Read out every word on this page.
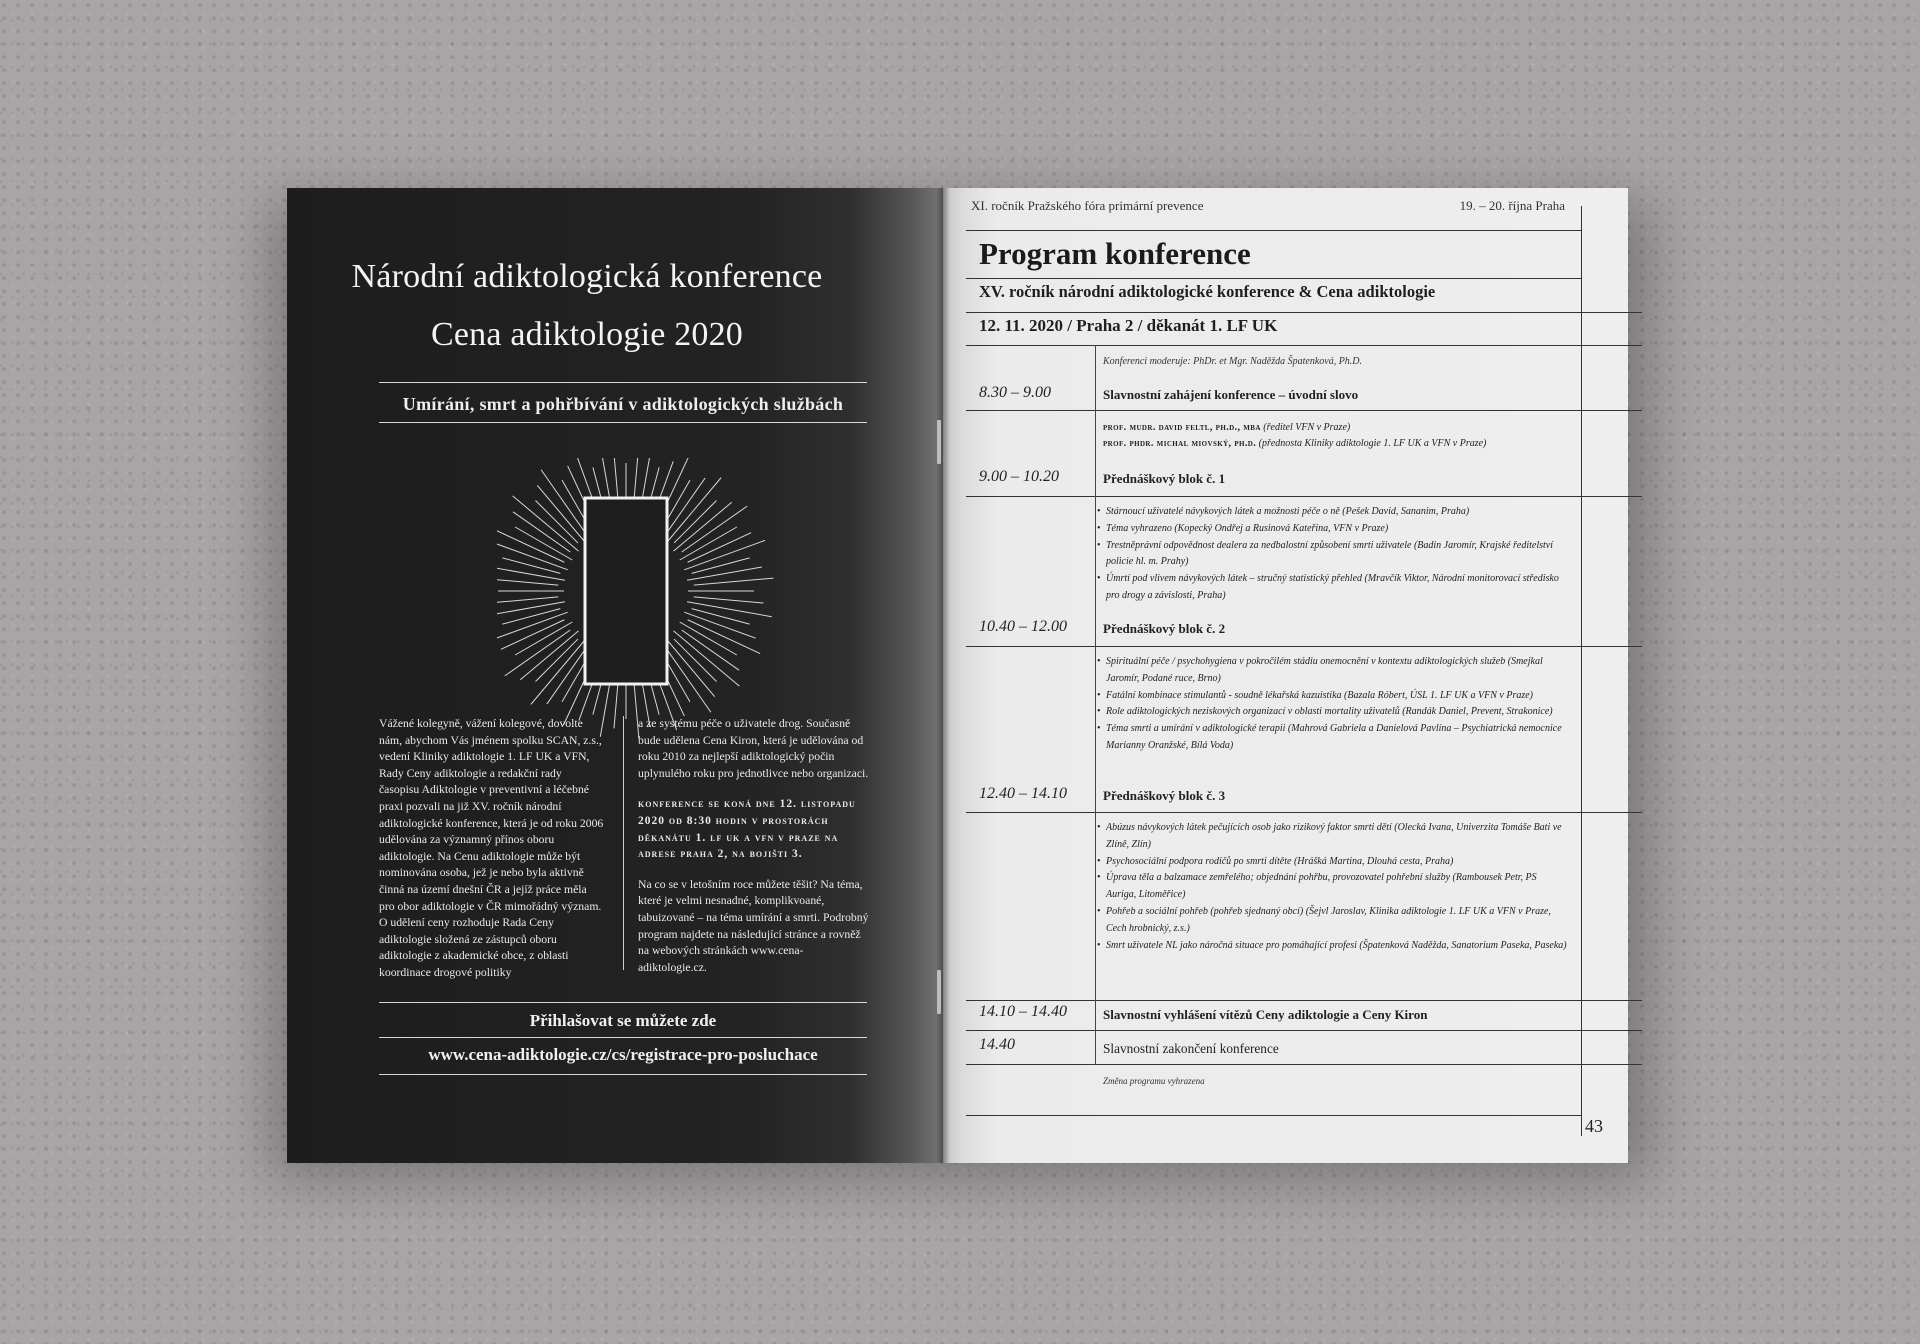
Národní adiktologická konference
Cena adiktologie 2020
Umírání, smrt a pohřbívání v adiktologických službách

Vážené kolegyně, vážení kolegové, dovolte nám, abychom Vás jménem spolku SCAN, z.s., vedení Kliniky adiktologie 1. LF UK a VFN, Rady Ceny adiktologie a redakční rady časopisu Adiktologie v preventivní a léčebné praxi pozvali na již XV. ročník národní adiktologické konference, která je od roku 2006 udělována za významný přínos oboru adiktologie. Na Cenu adiktologie může být nominována osoba, jež je nebo byla aktivně činná na území dnešní ČR a jejíž práce měla pro obor adiktologie v ČR mimořádný význam. O udělení ceny rozhoduje Rada Ceny adiktologie složená ze zástupců oboru adiktologie z akademické obce, z oblasti koordinace drogové politiky

a ze systému péče o uživatele drog. Současně bude udělena Cena Kiron, která je udělována od roku 2010 za nejlepší adiktologický počin uplynulého roku pro jednotlivce nebo organizaci.

konference se koná dne 12. listopadu 2020 od 8:30 hodin v prostorách děkanátu 1. lf uk a vfn v praze na adrese praha 2, na bojišti 3.

Na co se v letošním roce můžete těšit? Na téma, které je velmi nesnadné, komplikvoané, tabuizované – na téma umírání a smrti. Podrobný program najdete na následující stránce a rovněž na webových stránkách www.cena-adiktologie.cz.

Přihlašovat se můžete zde
www.cena-adiktologie.cz/cs/registrace-pro-posluchace
XI. ročník Pražského fóra primární prevence	19. – 20. října Praha
Program konference
XV. ročník národní adiktologické konference & Cena adiktologie
12. 11. 2020 / Praha 2 / děkanát 1. LF UK
Konferenci moderuje: PhDr. et Mgr. Naděžda Špatenková, Ph.D.
8.30 – 9.00	Slavnostní zahájení konference – úvodní slovo
prof. mudr. david feltl, ph.d., mba (ředitel VFN v Praze)
prof. phdr. michal miovský, ph.d. (přednosta Kliniky adiktologie 1. LF UK a VFN v Praze)
9.00 – 10.20	Přednáškový blok č. 1
• Stárnoucí uživatelé návykových látek a možnosti péče o ně (Pešek David, Sananim, Praha)
• Téma vyhrazeno (Kopecký Ondřej a Rusinová Kateřina, VFN v Praze)
• Trestněprávní odpovědnost dealera za nedbalostní způsobení smrti uživatele (Badin Jaromír, Krajské ředitelství policie hl. m. Prahy)
• Úmrtí pod vlivem návykových látek – stručný statistický přehled (Mravčík Viktor, Národní monitorovací středisko pro drogy a závislosti, Praha)
10.40 – 12.00	Přednáškový blok č. 2
• Spirituální péče / psychohygiena v pokročilém stádiu onemocnění v kontextu adiktologických služeb (Smejkal Jaromír, Podané ruce, Brno)
• Fatální kombinace stimulantů - soudně lékařská kazuistika (Bazala Róbert, ÚSL 1. LF UK a VFN v Praze)
• Role adiktologických neziskových organizací v oblasti mortality uživatelů (Randák Daniel, Prevent, Strakonice)
• Téma smrti a umírání v adiktologické terapii (Mahrová Gabriela a Danielová Pavlína – Psychiatrická nemocnice Marianny Oranžské, Bílá Voda)
12.40 – 14.10	Přednáškový blok č. 3
• Abúzus návykových látek pečujících osob jako rizikový faktor smrti dětí (Olecká Ivana, Univerzita Tomáše Bati ve Zlíně, Zlín)
• Psychosociální podpora rodičů po smrti dítěte (Hrášká Martina, Dlouhá cesta, Praha)
• Úprava těla a balzamace zemřelého; objednání pohřbu, provozovatel pohřební služby (Rambousek Petr, PS Auriga, Litoměřice)
• Pohřeb a sociální pohřeb (pohřeb sjednaný obcí) (Šejvl Jaroslav, Klinika adiktologie 1. LF UK a VFN v Praze, Cech hrobnický, z.s.)
• Smrt uživatele NL jako náročná situace pro pomáhající profesi (Špatenková Naděžda, Sanatorium Paseka, Paseka)
14.10 – 14.40	Slavnostní vyhlášení vítězů Ceny adiktologie a Ceny Kiron
14.40	Slavnostní zakončení konference
Změna programu vyhrazena
43
